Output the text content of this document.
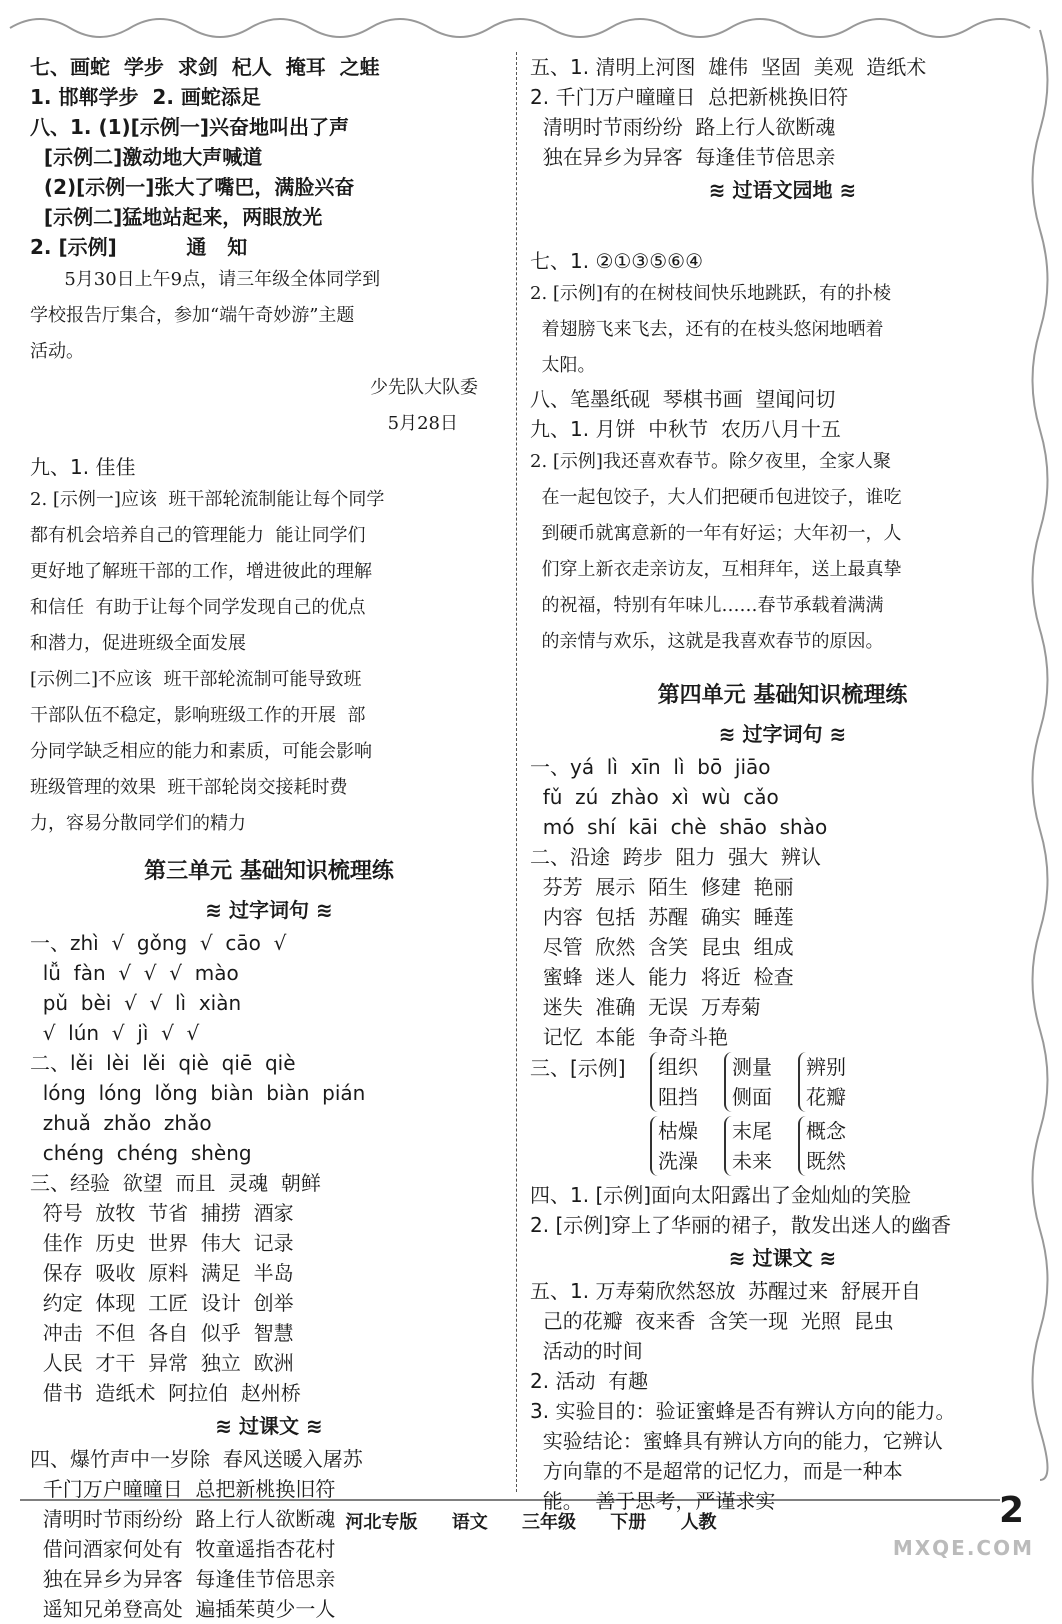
七、画蛇  学步  求剑  杞人  掩耳  之蛙
1. 邯郸学步  2. 画蛇添足
八、1. (1)[示例一]兴奋地叫出了声
[示例二]激动地大声喊道
(2)[示例一]张大了嘴巴，满脸兴奋
[示例二]猛地站起来，两眼放光
2. [示例]          通   知
5月30日上午9点，请三年级全体同学到
学校报告厅集合，参加“端午奇妙游”主题
活动。
少先队大队委
5月28日
九、1. 佳佳
2. [示例一]应该  班干部轮流制能让每个同学
都有机会培养自己的管理能力  能让同学们
更好地了解班干部的工作，增进彼此的理解
和信任  有助于让每个同学发现自己的优点
和潜力，促进班级全面发展
[示例二]不应该  班干部轮流制可能导致班
干部队伍不稳定，影响班级工作的开展  部
分同学缺乏相应的能力和素质，可能会影响
班级管理的效果  班干部轮岗交接耗时费
力，容易分散同学们的精力
第三单元 基础知识梳理练
≋ 过字词句 ≋
一、zhì  √  gǒng  √  cāo  √
lǚ  fàn  √  √  √  mào
pǔ  bèi  √  √  lì  xiàn
√  lún  √  jì  √  √
二、lěi  lèi  lěi  qiè  qiē  qiè
lóng  lóng  lǒng  biàn  biàn  pián
zhuǎ  zhǎo  zhǎo
chéng  chéng  shèng
三、经验  欲望  而且  灵魂  朝鲜
符号  放牧  节省  捕捞  酒家
佳作  历史  世界  伟大  记录
保存  吸收  原料  满足  半岛
约定  体现  工匠  设计  创举
冲击  不但  各自  似乎  智慧
人民  才干  异常  独立  欧洲
借书  造纸术  阿拉伯  赵州桥
≋ 过课文 ≋
四、爆竹声中一岁除  春风送暖入屠苏
千门万户曈曈日  总把新桃换旧符
清明时节雨纷纷  路上行人欲断魂
借问酒家何处有  牧童遥指杏花村
独在异乡为异客  每逢佳节倍思亲
遥知兄弟登高处  遍插茱萸少一人
五、1. 清明上河图  雄伟  坚固  美观  造纸术
2. 千门万户曈曈日  总把新桃换旧符
清明时节雨纷纷  路上行人欲断魂
独在异乡为异客  每逢佳节倍思亲
≋ 过语文园地 ≋

七、1. ②①③⑤⑥④
2. [示例]有的在树枝间快乐地跳跃，有的扑棱
着翅膀飞来飞去，还有的在枝头悠闲地晒着
太阳。
八、笔墨纸砚  琴棋书画  望闻问切
九、1. 月饼  中秋节  农历八月十五
2. [示例]我还喜欢春节。除夕夜里，全家人聚
在一起包饺子，大人们把硬币包进饺子，谁吃
到硬币就寓意新的一年有好运；大年初一，人
们穿上新衣走亲访友，互相拜年，送上最真挚
的祝福，特别有年味儿……春节承载着满满
的亲情与欢乐，这就是我喜欢春节的原因。
第四单元 基础知识梳理练
≋ 过字词句 ≋
一、yá  lì  xīn  lì  bō  jiāo
fǔ  zú  zhào  xì  wù  cǎo
mó  shí  kāi  chè  shāo  shào
二、沿途  跨步  阻力  强大  辨认
芬芳  展示  陌生  修建  艳丽
内容  包括  苏醒  确实  睡莲
尽管  欣然  含笑  昆虫  组成
蜜蜂  迷人  能力  将近  检查
迷失  准确  无误  万寿菊
记忆  本能  争奇斗艳
三、[示例]	组织
阻挡
测量
侧面
辨别
花瓣
枯燥
洗澡
末尾
未来
概念
既然
四、1. [示例]面向太阳露出了金灿灿的笑脸
2. [示例]穿上了华丽的裙子，散发出迷人的幽香
≋ 过课文 ≋
五、1. 万寿菊欣然怒放  苏醒过来  舒展开自
己的花瓣  夜来香  含笑一现  光照  昆虫
活动的时间
2. 活动  有趣
3. 实验目的：验证蜜蜂是否有辨认方向的能力。
实验结论：蜜蜂具有辨认方向的能力，它辨认
方向靠的不是超常的记忆力，而是一种本
能。  善于思考，严谨求实
河北专版 语文 三年级 下册 人教	2
MXQE.COM
